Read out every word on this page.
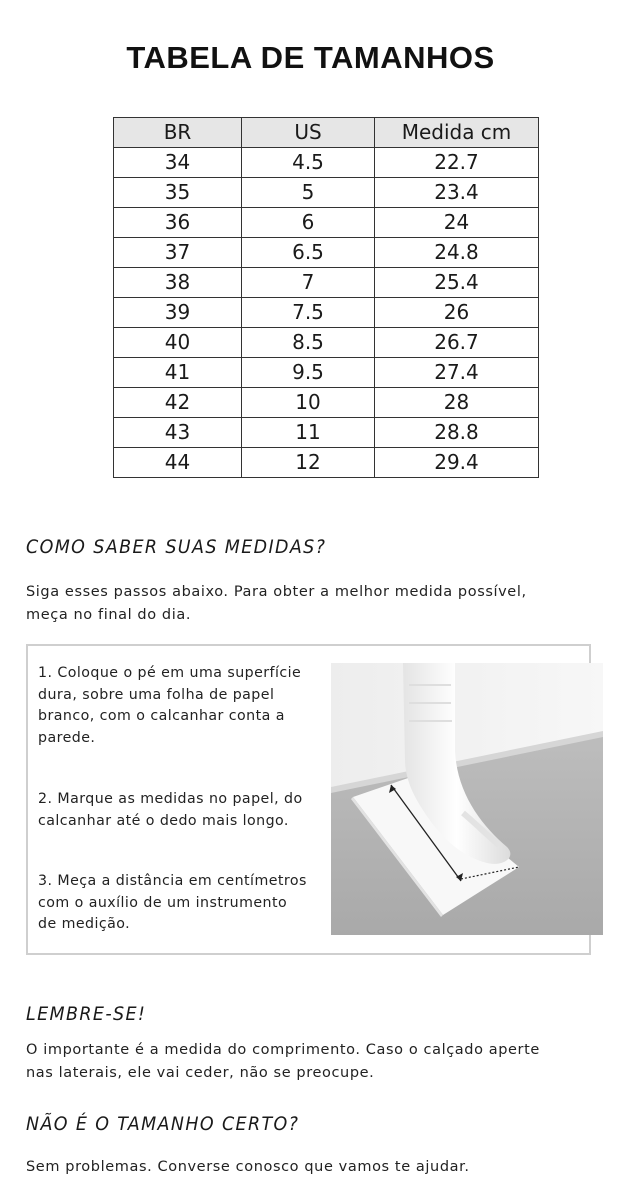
TABELA DE TAMANHOS
BR	US	Medida cm
34	4.5	22.7
35	5	23.4
36	6	24
37	6.5	24.8
38	7	25.4
39	7.5	26
40	8.5	26.7
41	9.5	27.4
42	10	28
43	11	28.8
44	12	29.4
COMO SABER SUAS MEDIDAS?
Siga esses passos abaixo. Para obter a melhor medida possível,
meça no final do dia.
1. Coloque o pé em uma superfície
dura, sobre uma folha de papel
branco, com o calcanhar conta a
parede.
2. Marque as medidas no papel, do
calcanhar até o dedo mais longo.
3. Meça a distância em centímetros
com o auxílio de um instrumento
de medição.
LEMBRE-SE!
O importante é a medida do comprimento. Caso o calçado aperte
nas laterais, ele vai ceder, não se preocupe.
NÃO É O TAMANHO CERTO?
Sem problemas. Converse conosco que vamos te ajudar.
